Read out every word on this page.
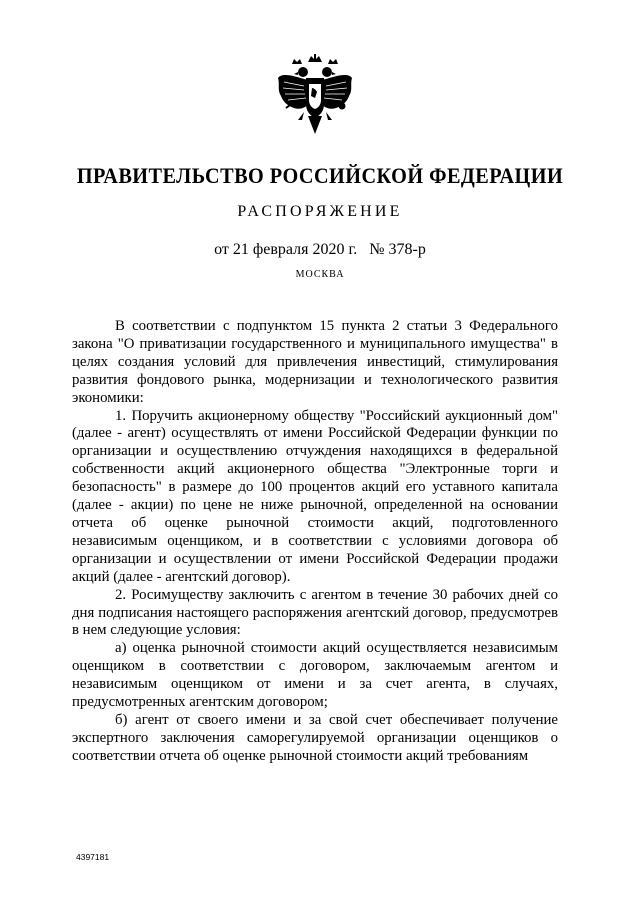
ПРАВИТЕЛЬСТВО РОССИЙСКОЙ ФЕДЕРАЦИИ
РАСПОРЯЖЕНИЕ
от 21 февраля 2020 г. № 378-р
МОСКВА

В соответствии с подпунктом 15 пункта 2 статьи 3 Федерального закона "О приватизации государственного и муниципального имущества" в целях создания условий для привлечения инвестиций, стимулирования развития фондового рынка, модернизации и технологического развития экономики:

1. Поручить акционерному обществу "Российский аукционный дом" (далее - агент) осуществлять от имени Российской Федерации функции по организации и осуществлению отчуждения находящихся в федеральной собственности акций акционерного общества "Электронные торги и безопасность" в размере до 100 процентов акций его уставного капитала (далее - акции) по цене не ниже рыночной, определенной на основании отчета об оценке рыночной стоимости акций, подготовленного независимым оценщиком, и в соответствии с условиями договора об организации и осуществлении от имени Российской Федерации продажи акций (далее - агентский договор).

2. Росимуществу заключить с агентом в течение 30 рабочих дней со дня подписания настоящего распоряжения агентский договор, предусмотрев в нем следующие условия:

а) оценка рыночной стоимости акций осуществляется независимым оценщиком в соответствии с договором, заключаемым агентом и независимым оценщиком от имени и за счет агента, в случаях, предусмотренных агентским договором;

б) агент от своего имени и за свой счет обеспечивает получение экспертного заключения саморегулируемой организации оценщиков о соответствии отчета об оценке рыночной стоимости акций требованиям

4397181
